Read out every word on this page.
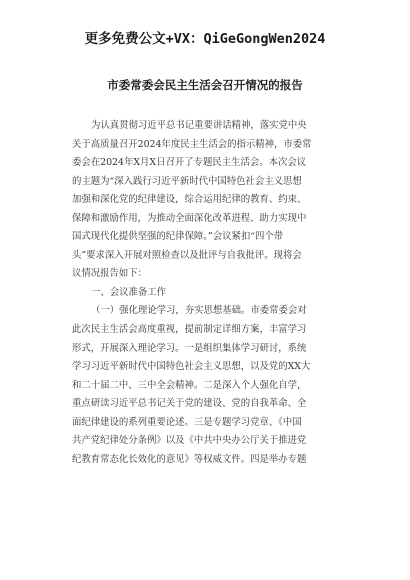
更多免费公文+VX：QiGeGongWen2024
市委常委会民主生活会召开情况的报告

为认真贯彻习近平总书记重要讲话精神，落实党中央

关于高质量召开2024年度民主生活会的指示精神，市委常

委会在2024年X月X日召开了专题民主生活会。本次会议

的主题为“深入践行习近平新时代中国特色社会主义思想

加强和深化党的纪律建设，综合运用纪律的教育、约束、

保障和激励作用，为推动全面深化改革进程、助力实现中

国式现代化提供坚强的纪律保障。”会议紧扣“四个带

头”要求深入开展对照检查以及批评与自我批评。现将会

议情况报告如下：

一、会议准备工作

（一）强化理论学习，夯实思想基础。市委常委会对

此次民主生活会高度重视，提前制定详细方案，丰富学习

形式，开展深入理论学习。一是组织集体学习研讨，系统

学习习近平新时代中国特色社会主义思想，以及党的XX大

和二十届二中、三中全会精神。二是深入个人强化自学，

重点研读习近平总书记关于党的建设、党的自我革命、全

面纪律建设的系列重要论述。三是专题学习党章、《中国

共产党纪律处分条例》以及《中共中央办公厅关于推进党

纪教育常态化长效化的意见》等权威文件。四是举办专题
